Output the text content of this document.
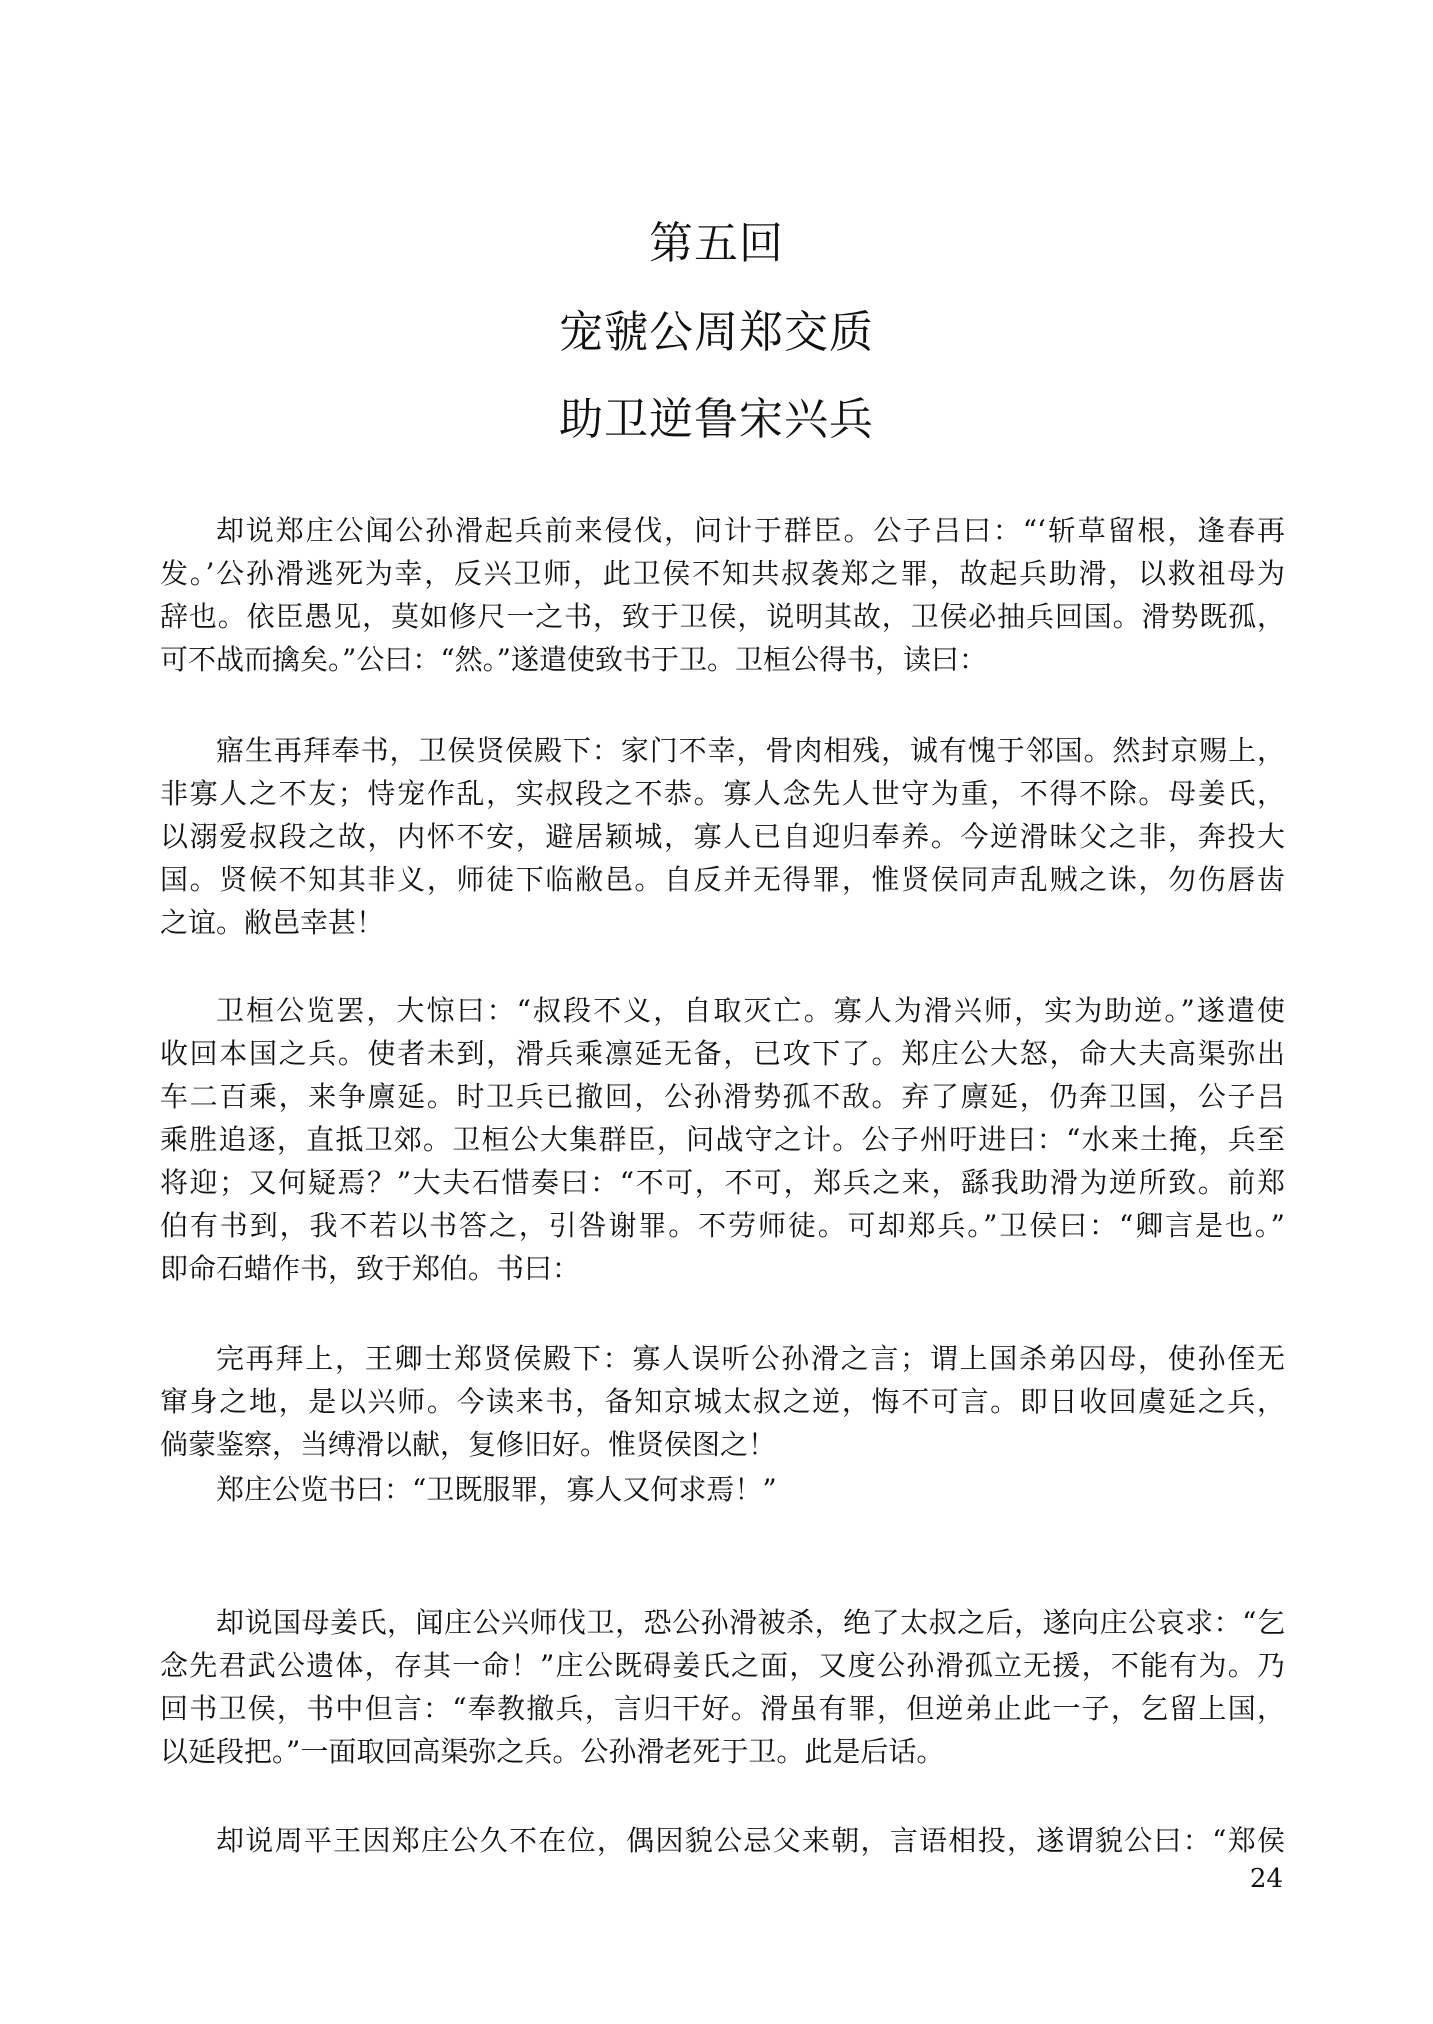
第五回
宠虢公周郑交质
助卫逆鲁宋兴兵
却说郑庄公闻公孙滑起兵前来侵伐，问计于群臣。公子吕曰：“‘斩草留根，逢春再
发。’公孙滑逃死为幸，反兴卫师，此卫侯不知共叔袭郑之罪，故起兵助滑，以救祖母为
辞也。依臣愚见，莫如修尺一之书，致于卫侯，说明其故，卫侯必抽兵回国。滑势既孤，
可不战而擒矣。”公曰：“然。”遂遣使致书于卫。卫桓公得书，读曰：
寤生再拜奉书，卫侯贤侯殿下：家门不幸，骨肉相残，诚有愧于邻国。然封京赐上，
非寡人之不友；恃宠作乱，实叔段之不恭。寡人念先人世守为重，不得不除。母姜氏，
以溺爱叔段之故，内怀不安，避居颖城，寡人已自迎归奉养。今逆滑昧父之非，奔投大
国。贤候不知其非义，师徒下临敝邑。自反并无得罪，惟贤侯同声乱贼之诛，勿伤唇齿
之谊。敝邑幸甚！
卫桓公览罢，大惊曰：“叔段不义，自取灭亡。寡人为滑兴师，实为助逆。”遂遣使
收回本国之兵。使者未到，滑兵乘凛延无备，已攻下了。郑庄公大怒，命大夫高渠弥出
车二百乘，来争廪延。时卫兵已撤回，公孙滑势孤不敌。弃了廪延，仍奔卫国，公子吕
乘胜追逐，直抵卫郊。卫桓公大集群臣，问战守之计。公子州吁进曰：“水来土掩，兵至
将迎；又何疑焉？”大夫石惜奏曰：“不可，不可，郑兵之来，繇我助滑为逆所致。前郑
伯有书到，我不若以书答之，引咎谢罪。不劳师徒。可却郑兵。”卫侯曰：“卿言是也。”
即命石蜡作书，致于郑伯。书曰：
完再拜上，王卿士郑贤侯殿下：寡人误听公孙滑之言；谓上国杀弟囚母，使孙侄无
窜身之地，是以兴师。今读来书，备知京城太叔之逆，悔不可言。即日收回虞延之兵，
倘蒙鉴察，当缚滑以献，复修旧好。惟贤侯图之！
郑庄公览书曰：“卫既服罪，寡人又何求焉！”
却说国母姜氏，闻庄公兴师伐卫，恐公孙滑被杀，绝了太叔之后，遂向庄公哀求：“乞
念先君武公遗体，存其一命！”庄公既碍姜氏之面，又度公孙滑孤立无援，不能有为。乃
回书卫侯，书中但言：“奉教撤兵，言归干好。滑虽有罪，但逆弟止此一子，乞留上国，
以延段把。”一面取回高渠弥之兵。公孙滑老死于卫。此是后话。
却说周平王因郑庄公久不在位，偶因貌公忌父来朝，言语相投，遂谓貌公曰：“郑侯
24
